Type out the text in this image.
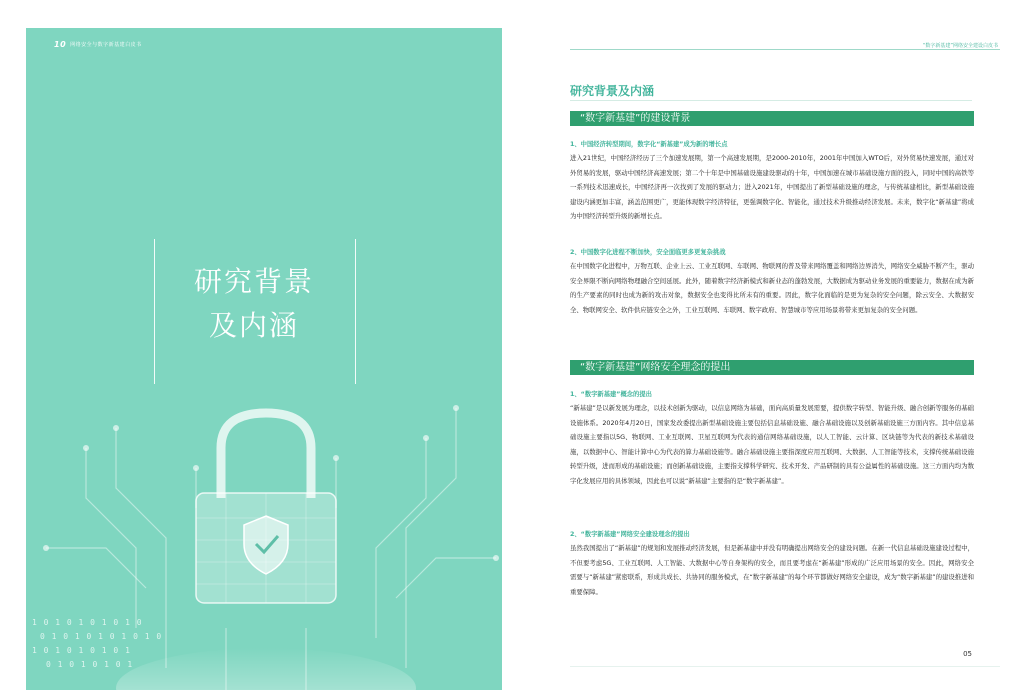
10 网络安全与数字新基建白皮书
研究背景
及内涵
1 0 1 0 1 0 1 0 1 0
0 1 0 1 0 1 0 1 0 1 0
1 0 1 0 1 0 1 0 1
0 1 0 1 0 1 0 1
“数字新基建”网络安全建设白皮书
研究背景及内涵
“数字新基建”的建设背景
1、中国经济转型期间，数字化“新基建”成为新的增长点

进入21世纪，中国经济经历了三个加速发展期，第一个高速发展期，是2000-2010年，2001年中国加入WTO后，对外贸易快速发展，通过对外贸易的发展，驱动中国经济高速发展；第二个十年是中国基础设施建设驱动的十年，中国加速在城市基础设施方面的投入，同时中国的高铁等一系列技术迅速成长，中国经济再一次找到了发展的驱动力；进入2021年，中国提出了新型基础设施的理念，与传统基建相比，新型基础设施建设内涵更加丰富，涵盖范围更广，更能体现数字经济特征，更强调数字化、智能化，通过技术升级推动经济发展。未来，数字化“新基建”将成为中国经济转型升级的新增长点。

2、中国数字化进程不断加快，安全面临更多更复杂挑战

在中国数字化进程中，万物互联、企业上云、工业互联网、车联网、物联网的普及带来网络覆盖和网络边界消失，网络安全威胁不断产生，驱动安全界限不断向网络物理融合空间延展。此外，随着数字经济新模式和新业态的蓬勃发展，大数据成为驱动业务发展的重要能力，数据在成为新的生产要素的同时也成为新的攻击对象，数据安全也变得比所未有的重要。因此，数字化面临的是更为复杂的安全问题，除云安全、大数据安全、物联网安全、软件供应链安全之外，工业互联网、车联网、数字政府、智慧城市等应用场景将带来更加复杂的安全问题。

“数字新基建”网络安全理念的提出
1、“数字新基建”概念的提出

“新基建”是以新发展为理念，以技术创新为驱动，以信息网络为基础，面向高质量发展需要，提供数字转型、智能升级、融合创新等服务的基础设施体系。2020年4月20日，国家发改委提出新型基础设施主要包括信息基础设施、融合基础设施以及创新基础设施三方面内容。其中信息基础设施主要指以5G、物联网、工业互联网、卫星互联网为代表的通信网络基础设施，以人工智能、云计算、区块链等为代表的新技术基础设施，以数据中心、智能计算中心为代表的算力基础设施等。融合基础设施主要指深度应用互联网、大数据、人工智能等技术，支撑传统基础设施转型升级，进而形成的基础设施；而创新基础设施，主要指支撑科学研究、技术开发、产品研制的具有公益属性的基础设施。这三方面内均为数字化发展应用的具体领域，因此也可以说“新基建”主要指的是“数字新基建”。

2、“数字新基建”网络安全建设理念的提出

虽然我国提出了“新基建”的规划和发展推动经济发展，但是新基建中并没有明确提出网络安全的建设问题。在新一代信息基础设施建设过程中，不但要考虑5G、工业互联网、人工智能、大数据中心等自身架构的安全，而且要考虑在“新基建”形成的广泛应用场景的安全。因此，网络安全需要与“新基建”紧密联系，形成共成长、共协同的服务模式，在“数字新基建”的每个环节都做好网络安全建设，成为“数字新基建”的建设推进和重要保障。

05
